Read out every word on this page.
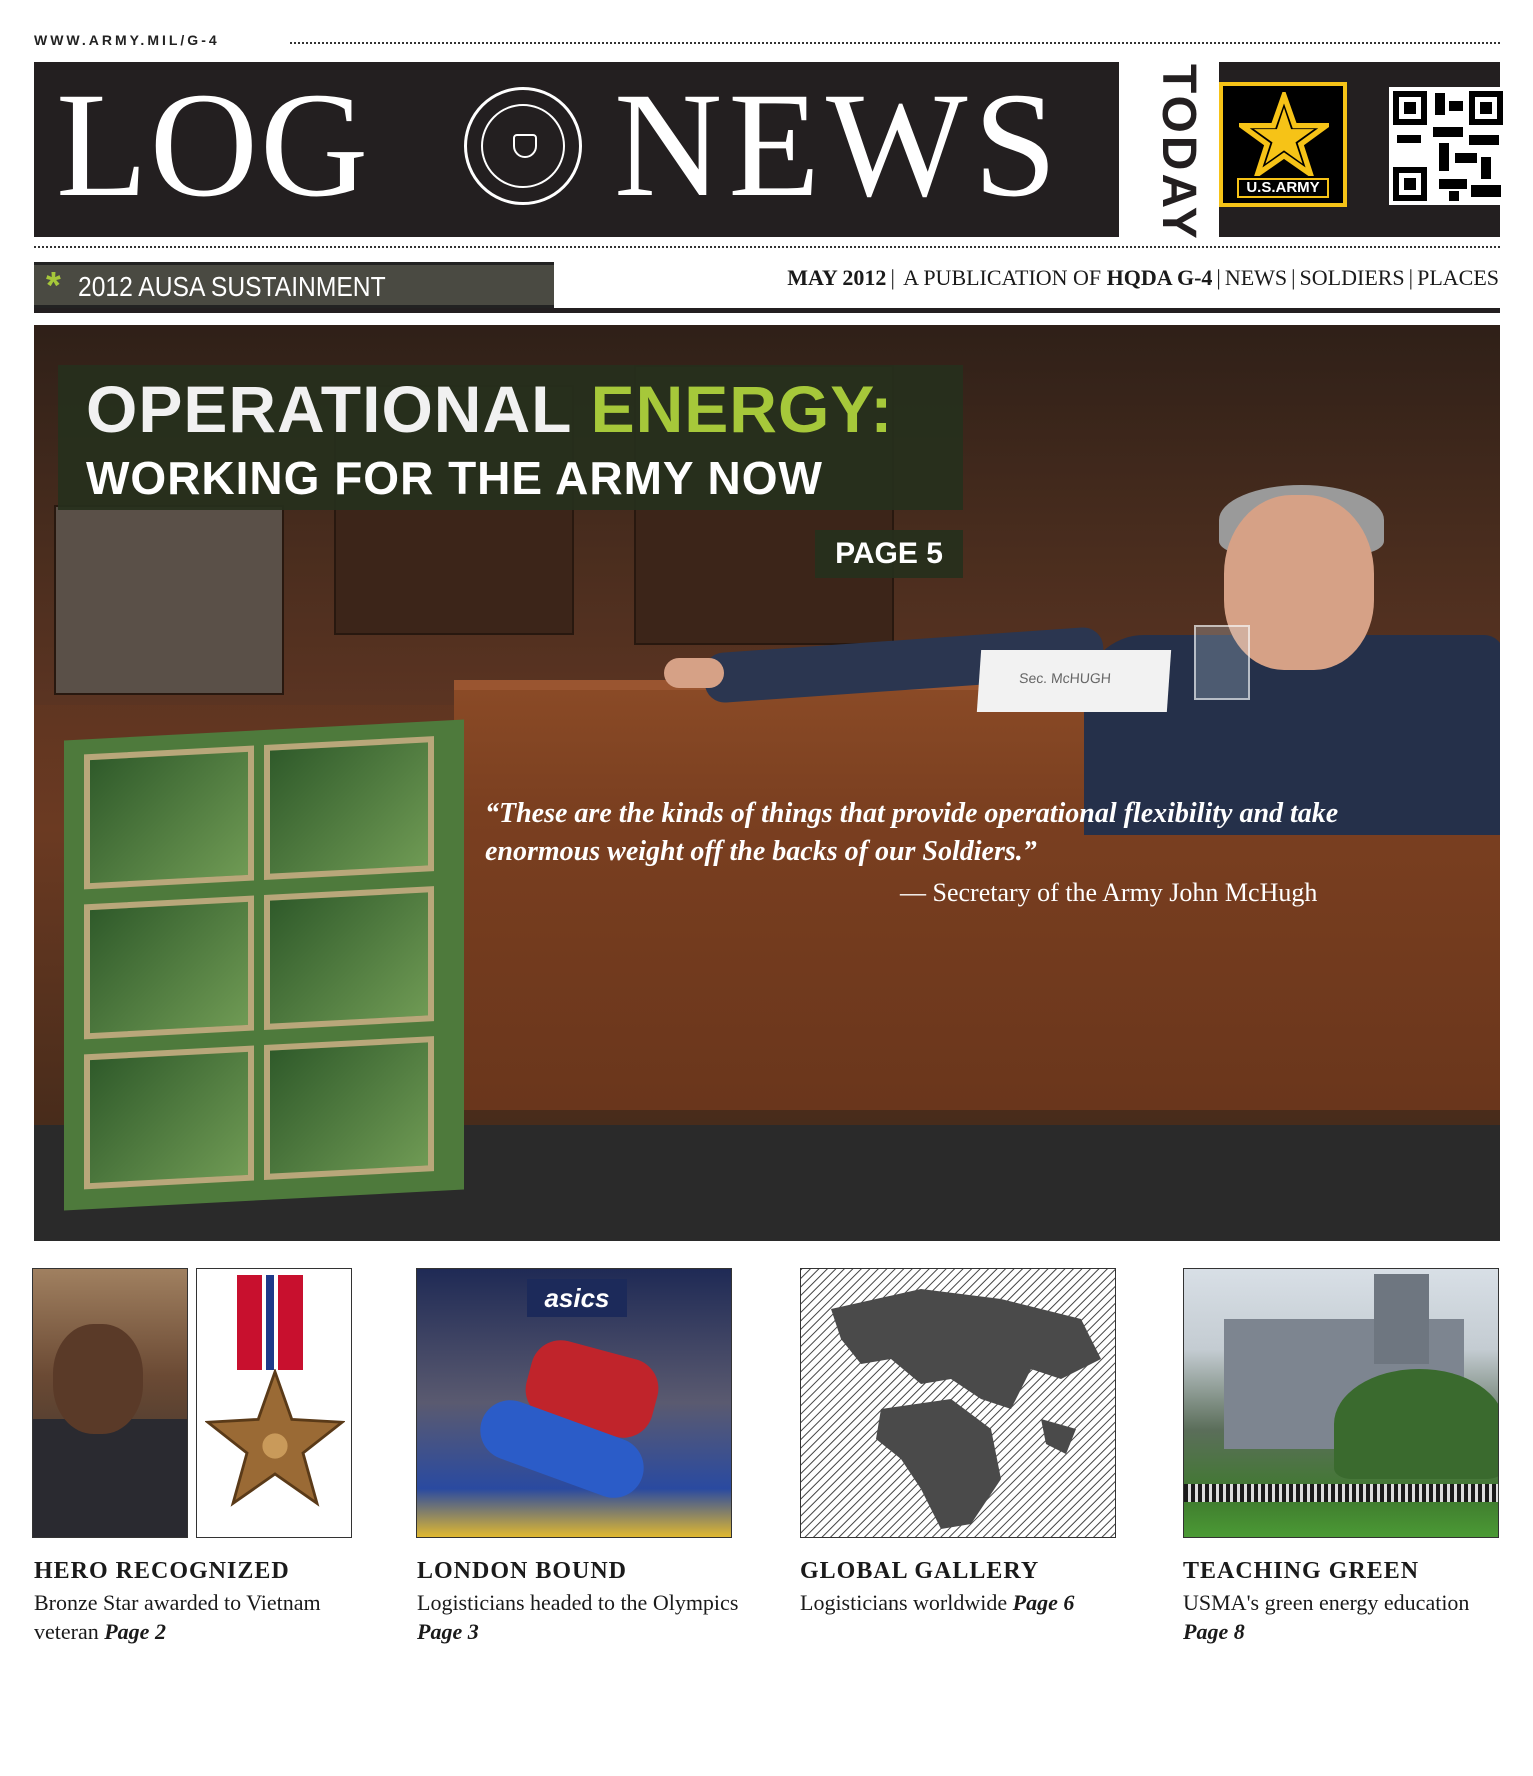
WWW.ARMY.MIL/G-4
LOG NEWS TODAY	U.S.ARMY
* 2012 AUSA SUSTAINMENT	MAY 2012 | A PUBLICATION OF HQDA G-4 | NEWS | SOLDIERS | PLACES
Sec. McHUGH
OPERATIONAL ENERGY:
WORKING FOR THE ARMY NOW
PAGE 5
“These are the kinds of things that provide operational flexibility and take enormous weight off the backs of our Soldiers.”
— Secretary of the Army John McHugh
asics
HERO RECOGNIZED
Bronze Star awarded to Vietnam veteran Page 2
LONDON BOUND
Logisticians headed to the Olympics Page 3
GLOBAL GALLERY
Logisticians worldwide Page 6
TEACHING GREEN
USMA's green energy education Page 8
